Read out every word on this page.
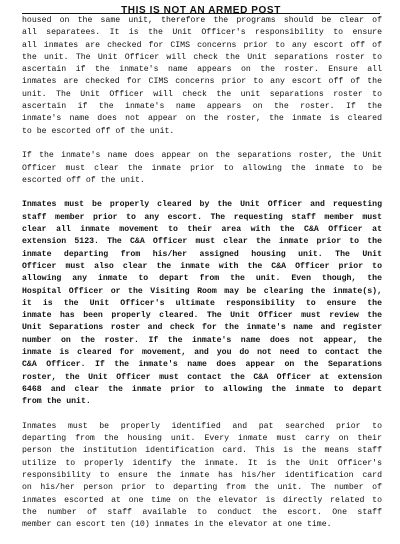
THIS IS NOT AN ARMED POST
housed on the same unit, therefore the programs should be clear of
all separatees. It is the Unit Officer's responsibility to ensure
all inmates are checked for CIMS concerns prior to any escort off of
the unit. The Unit Officer will check the Unit separations roster to
ascertain if the inmate's name appears on the roster. Ensure all
inmates are checked for CIMS concerns prior to any escort off of the
unit. The Unit Officer will check the unit separations roster to
ascertain if the inmate's name appears on the roster. If the
inmate's name does not appear on the roster, the inmate is cleared
to be escorted off of the unit.
If the inmate's name does appear on the separations roster, the Unit
Officer must clear the inmate prior to allowing the inmate to be
escorted off of the unit.
Inmates must be properly cleared by the Unit Officer and requesting
staff member prior to any escort. The requesting staff member must
clear all inmate movement to their area with the C&A Officer at
extension 5123. The C&A Officer must clear the inmate prior to the
inmate departing from his/her assigned housing unit. The Unit
Officer must also clear the inmate with the C&A Officer prior to
allowing any inmate to depart from the unit. Even though, the
Hospital Officer or the Visiting Room may be clearing the inmate(s),
it is the Unit Officer's ultimate responsibility to ensure the
inmate has been properly cleared. The Unit Officer must review the
Unit Separations roster and check for the inmate's name and register
number on the roster. If the inmate's name does not appear, the
inmate is cleared for movement, and you do not need to contact the
C&A Officer. If the inmate's name does appear on the Separations
roster, the Unit Officer must contact the C&A Officer at extension
6468 and clear the inmate prior to allowing the inmate to depart
from the unit.
Inmates must be properly identified and pat searched prior to
departing from the housing unit. Every inmate must carry on their
person the institution identification card. This is the means staff
utilize to properly identify the inmate. It is the Unit Officer's
responsibility to ensure the inmate has his/her identification card
on his/her person prior to departing from the unit. The number of
inmates escorted at one time on the elevator is directly related to
the number of staff available to conduct the escort. One staff
member can escort ten (10) inmates in the elevator at one time.
